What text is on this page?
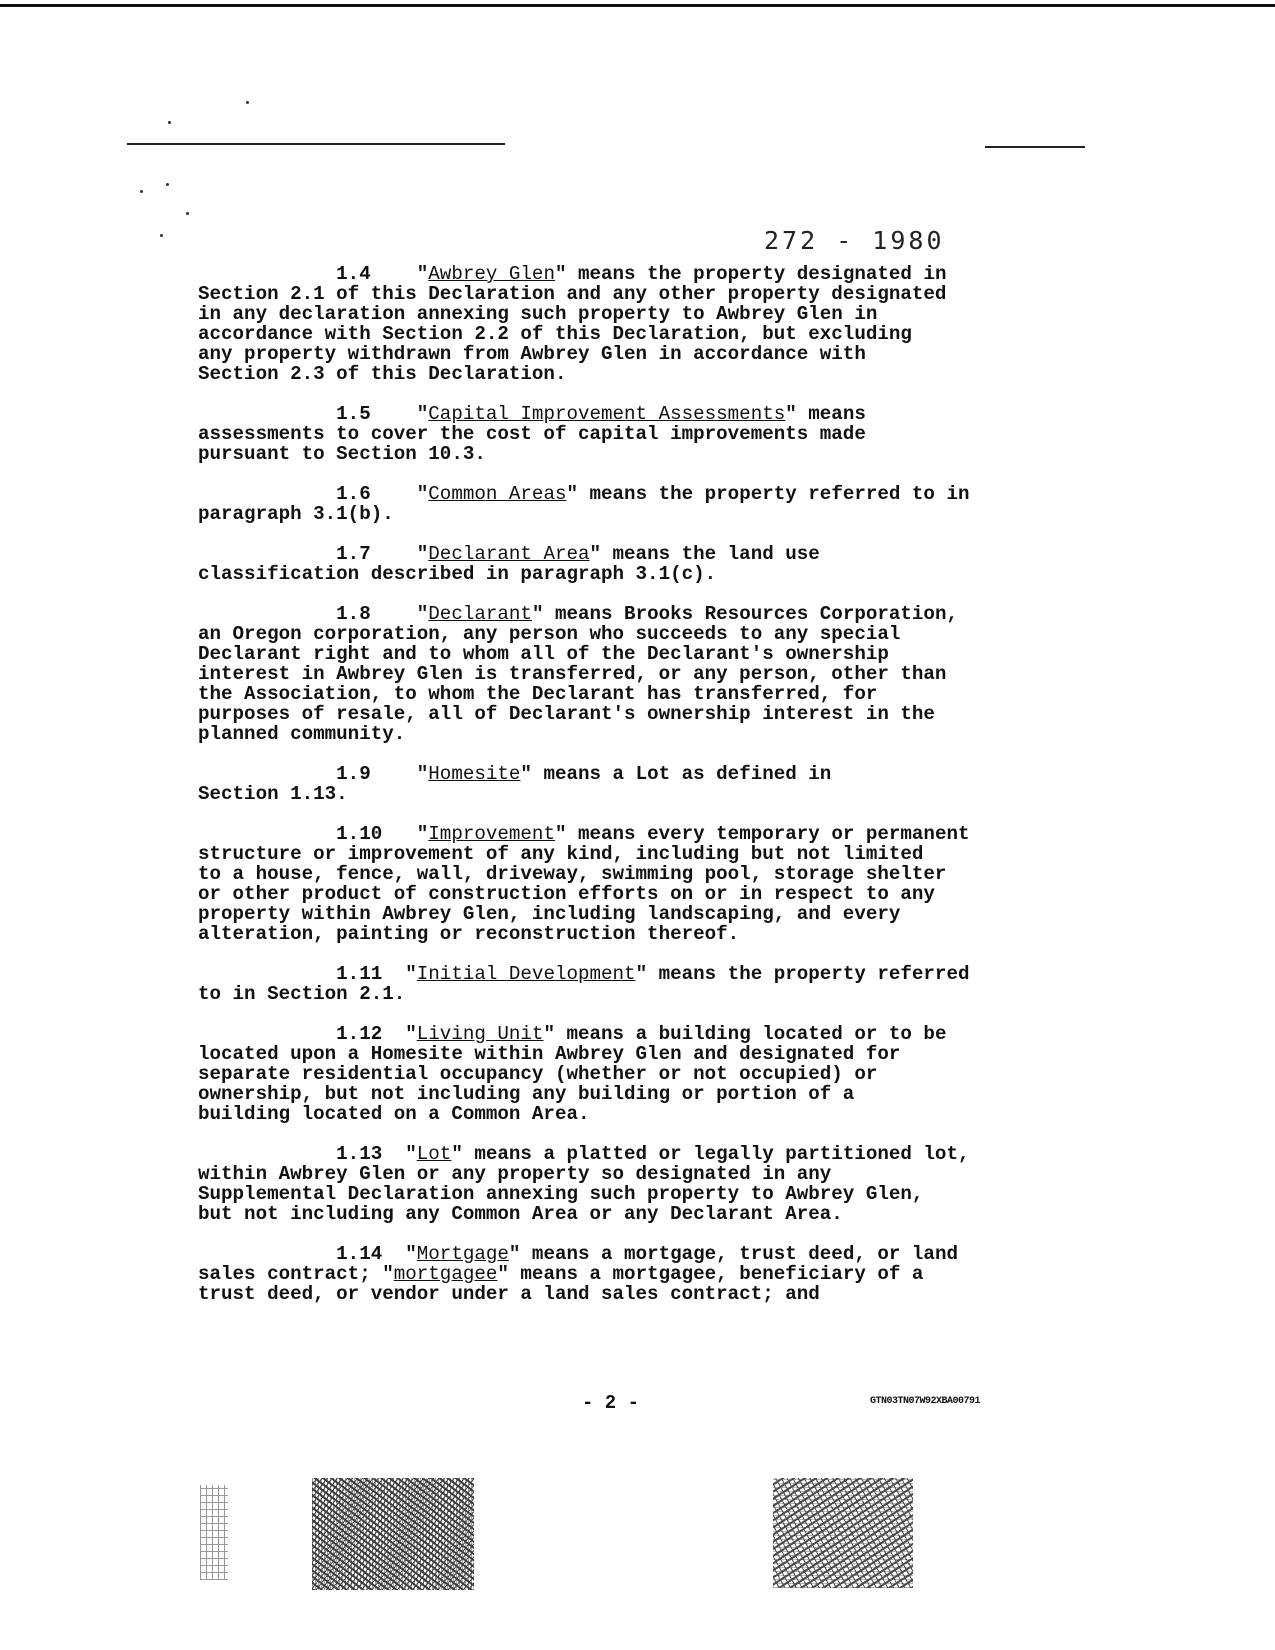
272 - 1980
1.4    "Awbrey Glen" means the property designated in
Section 2.1 of this Declaration and any other property designated
in any declaration annexing such property to Awbrey Glen in
accordance with Section 2.2 of this Declaration, but excluding
any property withdrawn from Awbrey Glen in accordance with
Section 2.3 of this Declaration.
1.5    "Capital Improvement Assessments" means
assessments to cover the cost of capital improvements made
pursuant to Section 10.3.
1.6    "Common Areas" means the property referred to in
paragraph 3.1(b).
1.7    "Declarant Area" means the land use
classification described in paragraph 3.1(c).
1.8    "Declarant" means Brooks Resources Corporation,
an Oregon corporation, any person who succeeds to any special
Declarant right and to whom all of the Declarant's ownership
interest in Awbrey Glen is transferred, or any person, other than
the Association, to whom the Declarant has transferred, for
purposes of resale, all of Declarant's ownership interest in the
planned community.
1.9    "Homesite" means a Lot as defined in
Section 1.13.
1.10   "Improvement" means every temporary or permanent
structure or improvement of any kind, including but not limited
to a house, fence, wall, driveway, swimming pool, storage shelter
or other product of construction efforts on or in respect to any
property within Awbrey Glen, including landscaping, and every
alteration, painting or reconstruction thereof.
1.11  "Initial Development" means the property referred
to in Section 2.1.
1.12  "Living Unit" means a building located or to be
located upon a Homesite within Awbrey Glen and designated for
separate residential occupancy (whether or not occupied) or
ownership, but not including any building or portion of a
building located on a Common Area.
1.13  "Lot" means a platted or legally partitioned lot,
within Awbrey Glen or any property so designated in any
Supplemental Declaration annexing such property to Awbrey Glen,
but not including any Common Area or any Declarant Area.
1.14  "Mortgage" means a mortgage, trust deed, or land
sales contract; "mortgagee" means a mortgagee, beneficiary of a
trust deed, or vendor under a land sales contract; and
- 2 -	GTN03TN07W92XBA00791
